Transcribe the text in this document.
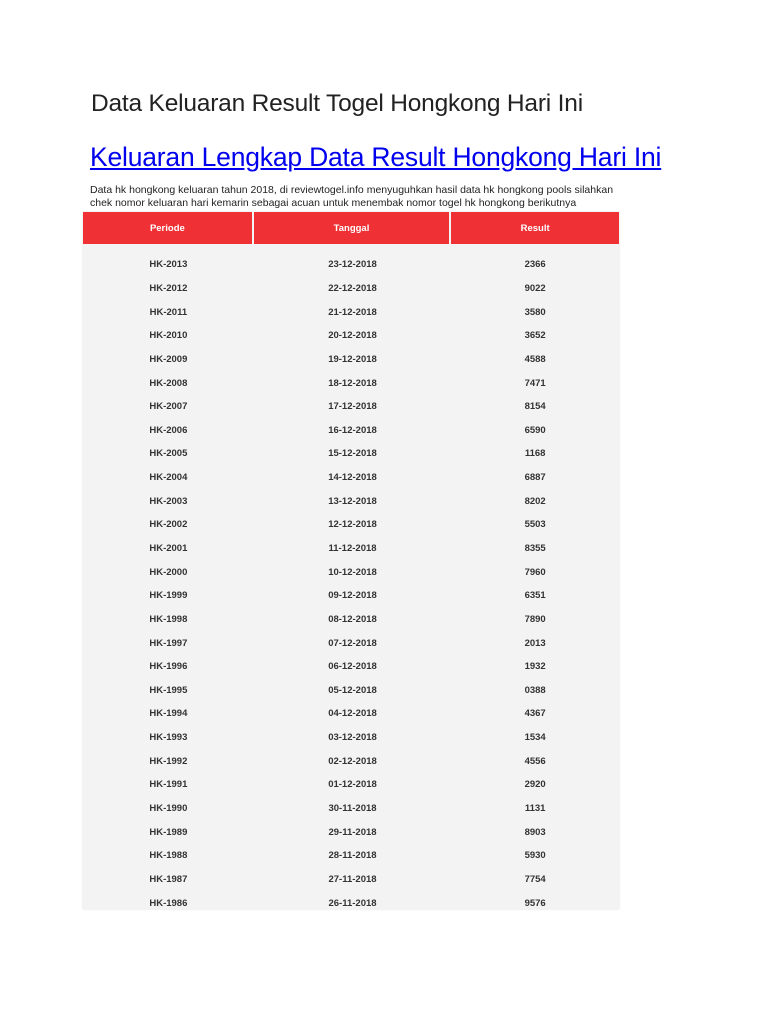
Data Keluaran Result Togel Hongkong Hari Ini
Keluaran Lengkap Data Result Hongkong Hari Ini

Data hk hongkong keluaran tahun 2018, di reviewtogel.info menyuguhkan hasil data hk hongkong pools silahkan
chek nomor keluaran hari kemarin sebagai acuan untuk menembak nomor togel hk hongkong berikutnya

Periode	Tanggal	Result

HK-2013	23-12-2018	2366
HK-2012	22-12-2018	9022
HK-2011	21-12-2018	3580
HK-2010	20-12-2018	3652
HK-2009	19-12-2018	4588
HK-2008	18-12-2018	7471
HK-2007	17-12-2018	8154
HK-2006	16-12-2018	6590
HK-2005	15-12-2018	1168
HK-2004	14-12-2018	6887
HK-2003	13-12-2018	8202
HK-2002	12-12-2018	5503
HK-2001	11-12-2018	8355
HK-2000	10-12-2018	7960
HK-1999	09-12-2018	6351
HK-1998	08-12-2018	7890
HK-1997	07-12-2018	2013
HK-1996	06-12-2018	1932
HK-1995	05-12-2018	0388
HK-1994	04-12-2018	4367
HK-1993	03-12-2018	1534
HK-1992	02-12-2018	4556
HK-1991	01-12-2018	2920
HK-1990	30-11-2018	1131
HK-1989	29-11-2018	8903
HK-1988	28-11-2018	5930
HK-1987	27-11-2018	7754
HK-1986	26-11-2018	9576
